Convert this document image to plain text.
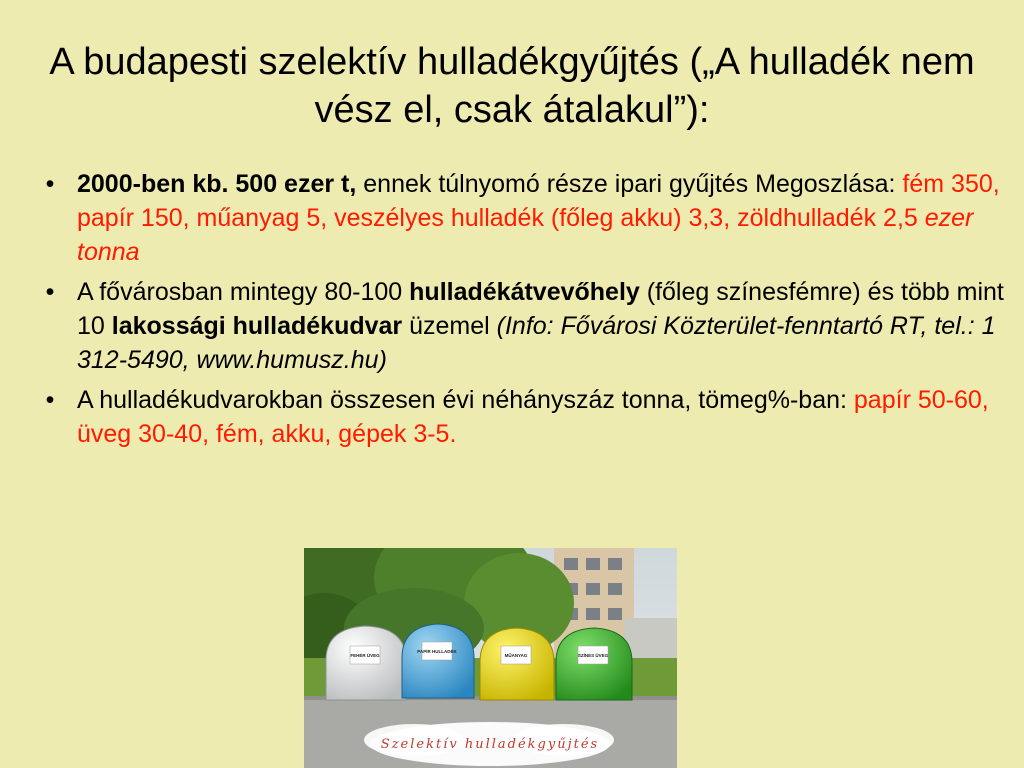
A budapesti szelektív hulladékgyűjtés („A hulladék nem vész el, csak átalakul”):
• 2000-ben kb. 500 ezer t, ennek túlnyomó része ipari gyűjtés Megoszlása: fém 350, papír 150, műanyag 5, veszélyes hulladék (főleg akku) 3,3, zöldhulladék 2,5 ezer tonna
• A fővárosban mintegy 80-100 hulladékátvevőhely (főleg színesfémre) és több mint 10 lakossági hulladékudvar üzemel (Info: Fővárosi Közterület-fenntartó RT, tel.: 1 312-5490, www.humusz.hu)
• A hulladékudvarokban összesen évi néhányszáz tonna, tömeg%-ban: papír 50-60, üveg 30-40, fém, akku, gépek 3-5.
FEHÉR ÜVEG
PAPÍR HULLADÉK
MŰANYAG	SZÍNES ÜVEG
Szelektív hulladékgyűjtés
